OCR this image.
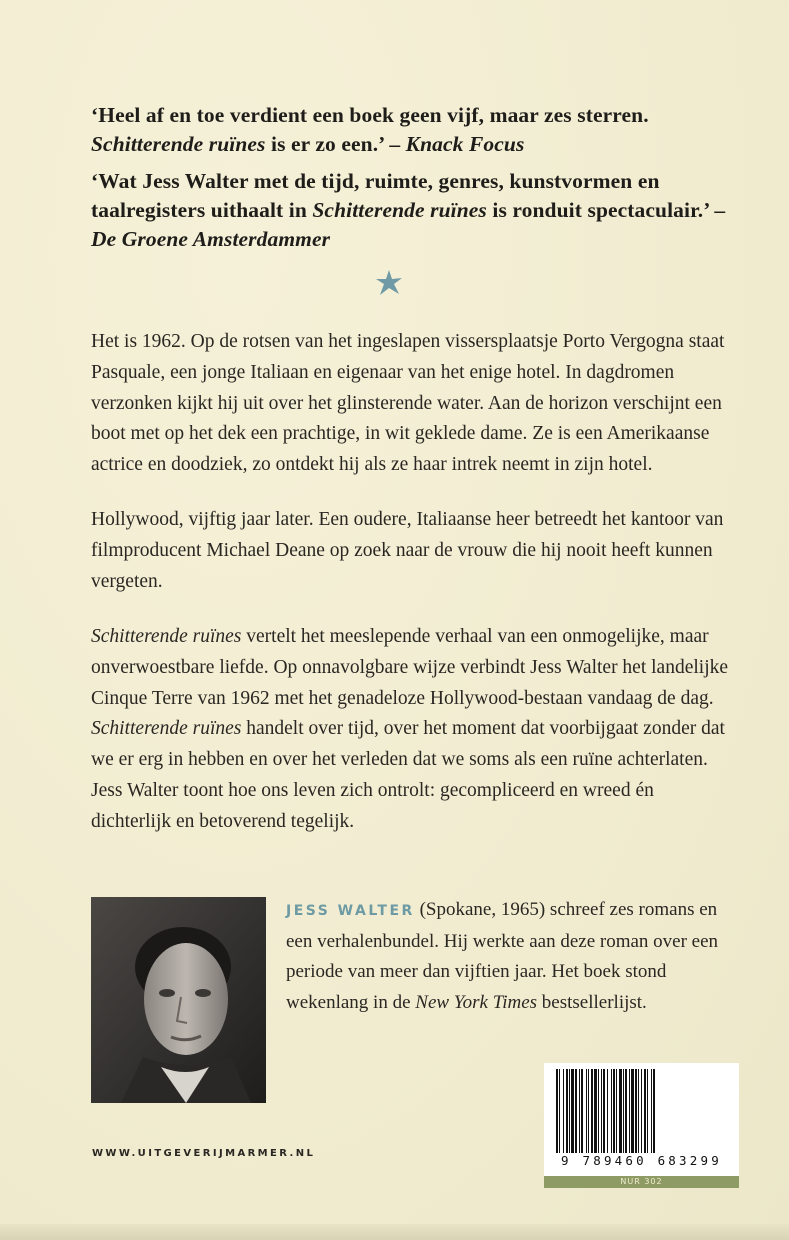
‘Heel af en toe verdient een boek geen vijf, maar zes sterren.
Schitterende ruïnes is er zo een.’ – Knack Focus
‘Wat Jess Walter met de tijd, ruimte, genres, kunstvormen en taalregisters uithaalt in Schitterende ruïnes is ronduit spectaculair.’ – De Groene Amsterdammer
Het is 1962. Op de rotsen van het ingeslapen vissersplaatsje Porto Vergogna staat Pasquale, een jonge Italiaan en eigenaar van het enige hotel. In dagdromen verzonken kijkt hij uit over het glinsterende water. Aan de horizon verschijnt een boot met op het dek een prachtige, in wit geklede dame. Ze is een Amerikaanse actrice en doodziek, zo ontdekt hij als ze haar intrek neemt in zijn hotel.
Hollywood, vijftig jaar later. Een oudere, Italiaanse heer betreedt het kantoor van filmproducent Michael Deane op zoek naar de vrouw die hij nooit heeft kunnen vergeten.
Schitterende ruïnes vertelt het meeslepende verhaal van een onmogelijke, maar onverwoestbare liefde. Op onnavolgbare wijze verbindt Jess Walter het landelijke Cinque Terre van 1962 met het genadeloze Hollywood-bestaan vandaag de dag. Schitterende ruïnes handelt over tijd, over het moment dat voorbijgaat zonder dat we er erg in hebben en over het verleden dat we soms als een ruïne achterlaten. Jess Walter toont hoe ons leven zich ontrolt: gecompliceerd en wreed én dichterlijk en betoverend tegelijk.
JESS WALTER (Spokane, 1965) schreef zes romans en een verhalenbundel. Hij werkte aan deze roman over een periode van meer dan vijftien jaar. Het boek stond wekenlang in de New York Times bestsellerlijst.
WWW.UITGEVERIJMARMER.NL	9 789460 683299
NUR 302
